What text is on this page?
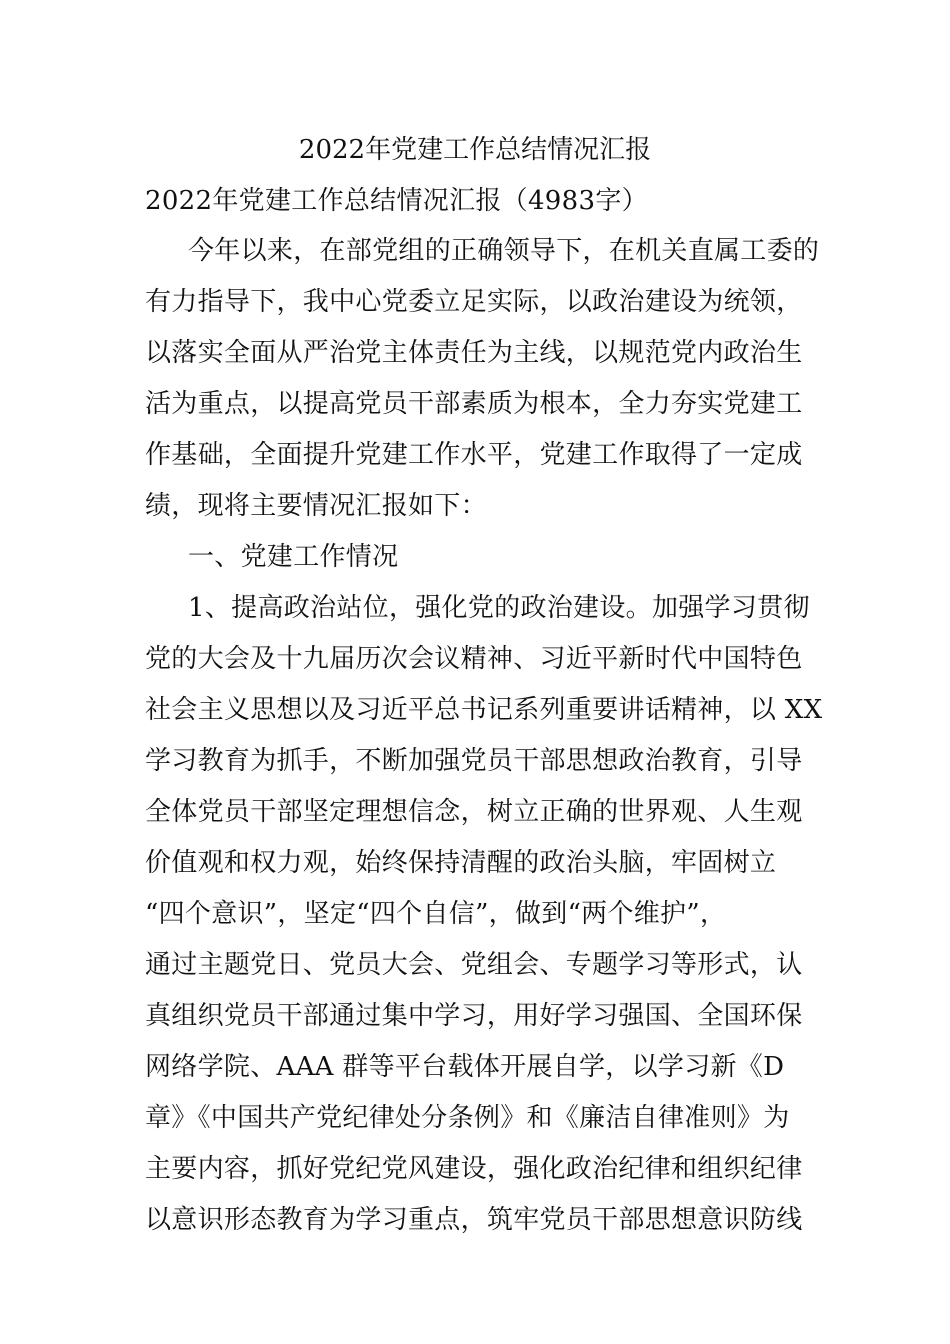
2022年党建工作总结情况汇报
2022年党建工作总结情况汇报（4983字）
今年以来，在部党组的正确领导下，在机关直属工委的
有力指导下，我中心党委立足实际，以政治建设为统领，
以落实全面从严治党主体责任为主线，以规范党内政治生
活为重点，以提高党员干部素质为根本，全力夯实党建工
作基础，全面提升党建工作水平，党建工作取得了一定成
绩，现将主要情况汇报如下：
一、党建工作情况
1、提高政治站位，强化党的政治建设。加强学习贯彻
党的大会及十九届历次会议精神、习近平新时代中国特色
社会主义思想以及习近平总书记系列重要讲话精神，以 XX
学习教育为抓手，不断加强党员干部思想政治教育，引导
全体党员干部坚定理想信念，树立正确的世界观、人生观
价值观和权力观，始终保持清醒的政治头脑，牢固树立
“四个意识”，坚定“四个自信”，做到“两个维护”，
通过主题党日、党员大会、党组会、专题学习等形式，认
真组织党员干部通过集中学习，用好学习强国、全国环保
网络学院、AAA 群等平台载体开展自学，以学习新《D
章》《中国共产党纪律处分条例》和《廉洁自律准则》为
主要内容，抓好党纪党风建设，强化政治纪律和组织纪律
以意识形态教育为学习重点，筑牢党员干部思想意识防线
